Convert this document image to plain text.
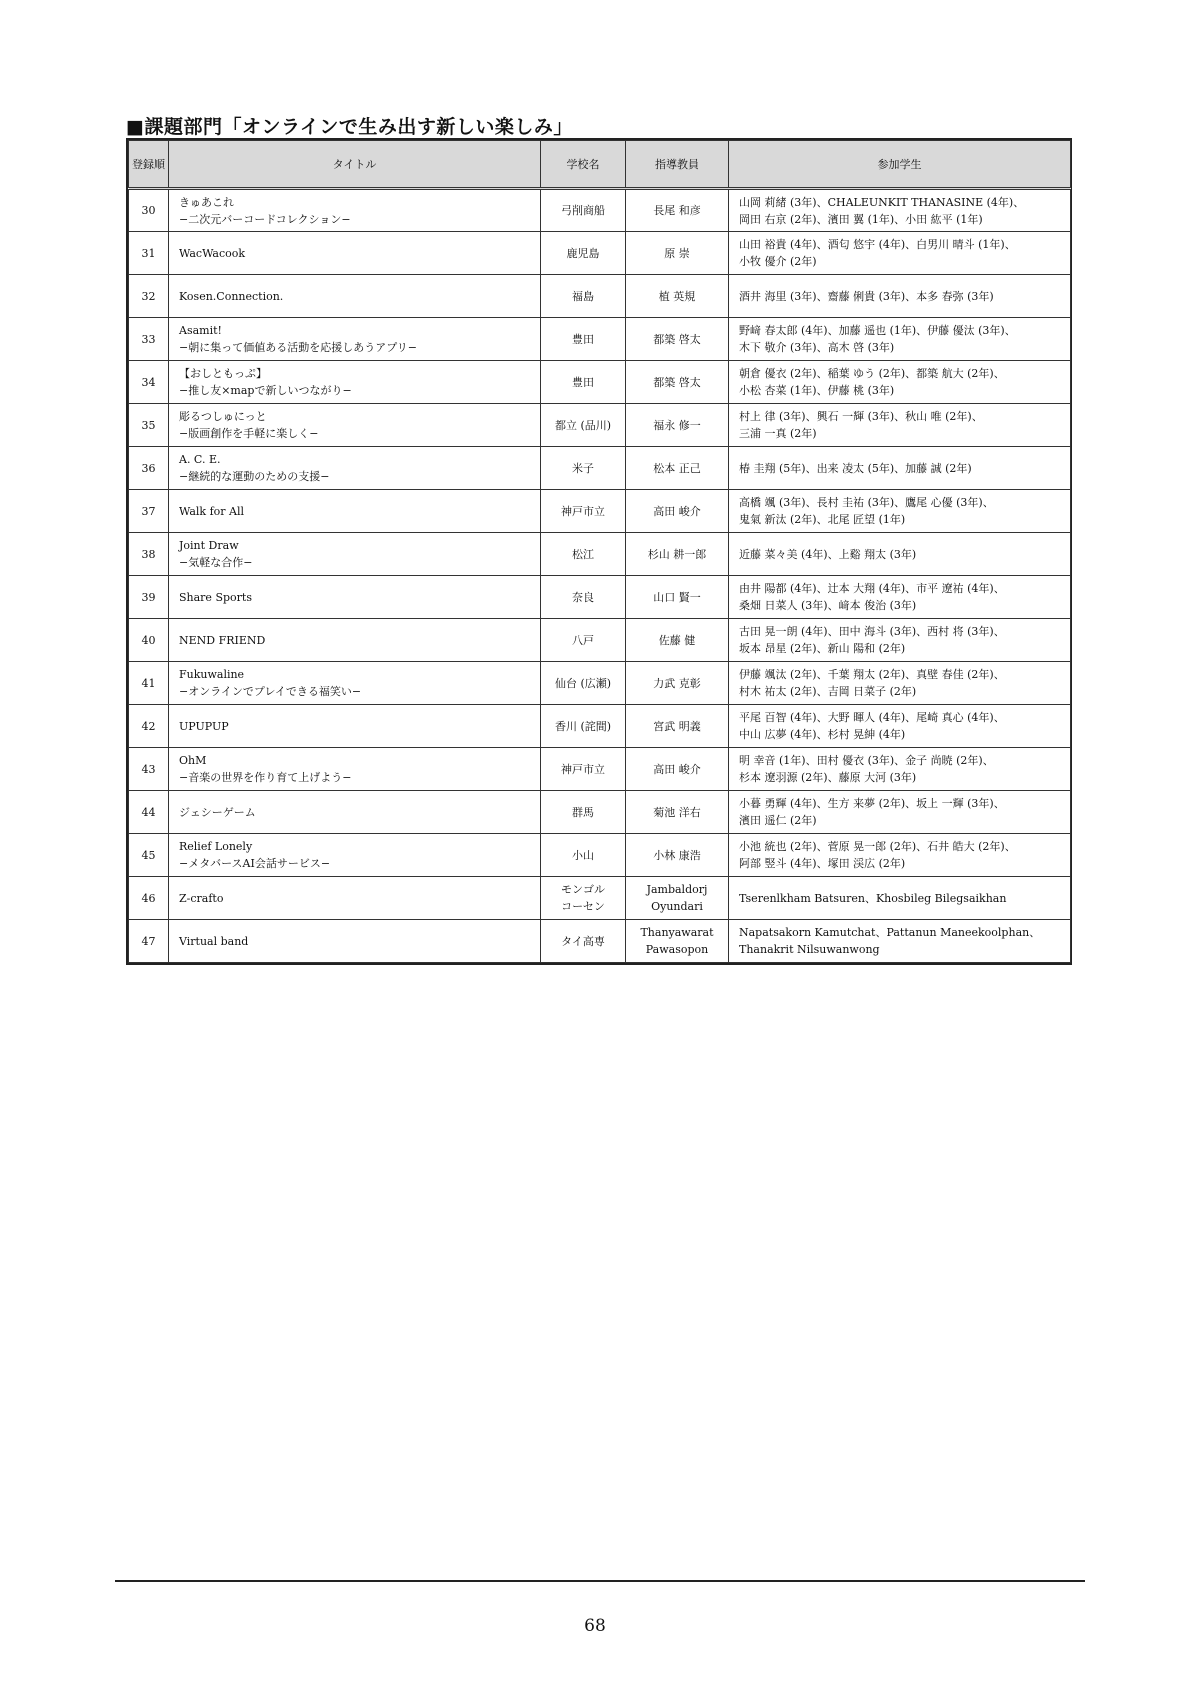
■課題部門「オンラインで生み出す新しい楽しみ」
登録順	タイトル	学校名	指導教員	参加学生
30	きゅあこれ
−二次元バーコードコレクション−	弓削商船	長尾 和彦	山岡 莉緒 (3年)、CHALEUNKIT THANASINE (4年)、
岡田 右京 (2年)、濱田 翼 (1年)、小田 紘平 (1年)

31	WacWacook	鹿児島	原 崇	山田 裕貴 (4年)、酒匂 悠宇 (4年)、白男川 晴斗 (1年)、
小牧 優介 (2年)

32	Kosen.Connection.	福島	植 英規	酒井 海里 (3年)、齋藤 俐貴 (3年)、本多 春弥 (3年)

33	Asamit!
−朝に集って価値ある活動を応援しあうアプリ−	豊田	都築 啓太	野﨑 春太郎 (4年)、加藤 遥也 (1年)、伊藤 優汰 (3年)、
木下 敬介 (3年)、高木 啓 (3年)

34	【おしともっぷ】
−推し友×mapで新しいつながり−	豊田	都築 啓太	朝倉 優衣 (2年)、稲葉 ゆう (2年)、都築 航大 (2年)、
小松 杏菜 (1年)、伊藤 桃 (3年)

35	彫るつしゅにっと
−版画創作を手軽に楽しく−	都立 (品川)	福永 修一	村上 律 (3年)、興石 一輝 (3年)、秋山 唯 (2年)、
三浦 一真 (2年)

36	A. C. E.
−継続的な運動のための支援−	米子	松本 正己	椿 圭翔 (5年)、出来 凌太 (5年)、加藤 誠 (2年)

37	Walk for All	神戸市立	高田 峻介	高橋 颯 (3年)、長村 圭祐 (3年)、鷹尾 心優 (3年)、
鬼氣 新汰 (2年)、北尾 匠望 (1年)

38	Joint Draw
−気軽な合作−	松江	杉山 耕一郎	近藤 菜々美 (4年)、上谿 翔太 (3年)

39	Share Sports	奈良	山口 賢一	由井 陽都 (4年)、辻本 大翔 (4年)、市平 遼祐 (4年)、
桑畑 日菜人 (3年)、﨑本 俊治 (3年)

40	NEND FRIEND	八戸	佐藤 健	古田 晃一朗 (4年)、田中 海斗 (3年)、西村 将 (3年)、
坂本 昂星 (2年)、新山 陽和 (2年)

41	Fukuwaline
−オンラインでプレイできる福笑い−	仙台 (広瀬)	力武 克彰	伊藤 颯汰 (2年)、千葉 翔太 (2年)、真壁 春佳 (2年)、
村木 祐太 (2年)、吉岡 日菜子 (2年)

42	UPUPUP	香川 (詫間)	宮武 明義	平尾 百智 (4年)、大野 暉人 (4年)、尾崎 真心 (4年)、
中山 広夢 (4年)、杉村 晃紳 (4年)

43	OhM
−音楽の世界を作り育て上げよう−	神戸市立	高田 峻介	明 幸音 (1年)、田村 優衣 (3年)、金子 尚暁 (2年)、
杉本 遼羽源 (2年)、藤原 大河 (3年)

44	ジェシーゲーム	群馬	菊池 洋右	小暮 勇輝 (4年)、生方 来夢 (2年)、坂上 一輝 (3年)、
濱田 遥仁 (2年)

45	Relief Lonely
−メタバースAI会話サービス−	小山	小林 康浩	小池 統也 (2年)、菅原 晃一郎 (2年)、石井 皓大 (2年)、
阿部 竪斗 (4年)、塚田 渓広 (2年)

46	Z-crafto	モンゴル
コーセン	Jambaldorj
Oyundari	Tserenlkham Batsuren、Khosbileg Bilegsaikhan

47	Virtual band	タイ高専	Thanyawarat
Pawasopon	Napatsakorn Kamutchat、Pattanun Maneekoolphan、
Thanakrit Nilsuwanwong
68
